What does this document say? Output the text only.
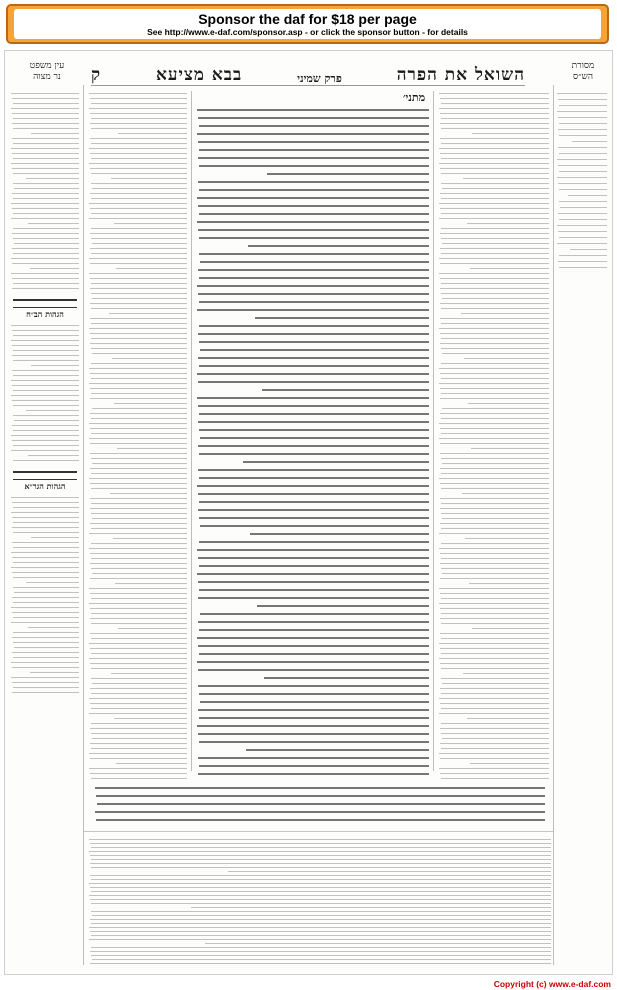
Sponsor the daf for $18 per page
See http://www.e-daf.com/sponsor.asp - or click the sponsor button - for details
עין משפט
נר מצוה
מסורת
הש״ס
השואל את הפרה
פרק שמיני
בבא מציעא
ק
הגהות הב״ח
הגהות הגר״א
מתני׳
Copyright (c) www.e-daf.com
